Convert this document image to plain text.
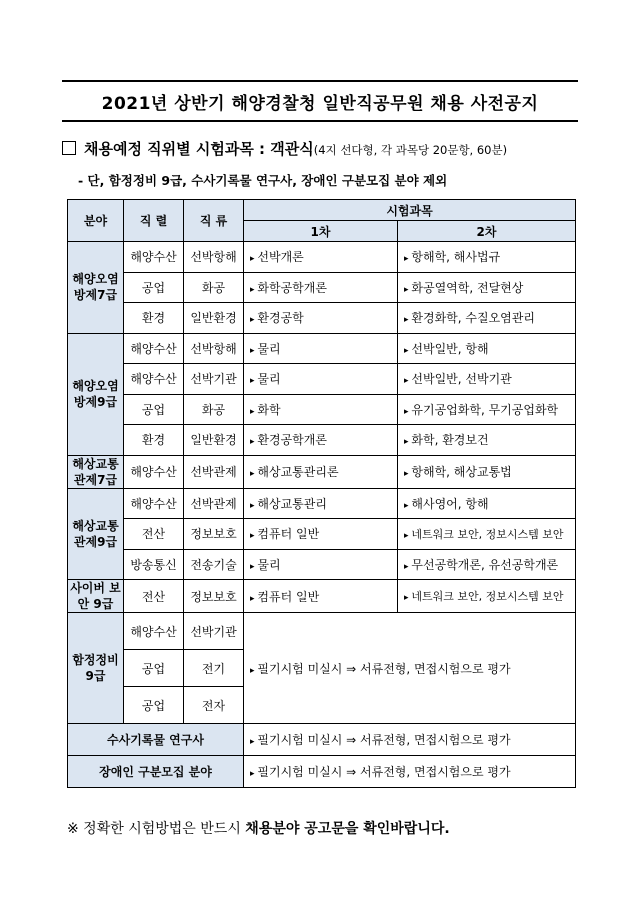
2021년 상반기 해양경찰청 일반직공무원 채용 사전공지
채용예정 직위별 시험과목 : 객관식(4지 선다형, 각 과목당 20문항, 60분)
- 단, 함정정비 9급, 수사기록물 연구사, 장애인 구분모집 분야 제외
분야	직 렬	직 류	시험과목	
			1차	2차
해양오염 방제7급	해양수산	선박항해	▸ 선박개론	▸ 항해학, 해사법규
	공업	화공	▸ 화학공학개론	▸ 화공열역학, 전달현상
	환경	일반환경	▸ 환경공학	▸ 환경화학, 수질오염관리
해양오염 방제9급	해양수산	선박항해	▸ 물리	▸ 선박일반, 항해
	해양수산	선박기관	▸ 물리	▸ 선박일반, 선박기관
	공업	화공	▸ 화학	▸ 유기공업화학, 무기공업화학
	환경	일반환경	▸ 환경공학개론	▸ 화학, 환경보건
해상교통 관제7급	해양수산	선박관제	▸ 해상교통관리론	▸ 항해학, 해상교통법
해상교통 관제9급	해양수산	선박관제	▸ 해상교통관리	▸ 해사영어, 항해
	전산	정보보호	▸ 컴퓨터 일반	▸ 네트워크 보안, 정보시스템 보안
	방송통신	전송기술	▸ 물리	▸ 무선공학개론, 유선공학개론
사이버 보안 9급	전산	정보보호	▸ 컴퓨터 일반	▸ 네트워크 보안, 정보시스템 보안
함정정비 9급	해양수산	선박기관	▸ 필기시험 미실시 ⇒ 서류전형, 면접시험으로 평가
	공업	전기		
	공업	전자		
수사기록물 연구사			▸ 필기시험 미실시 ⇒ 서류전형, 면접시험으로 평가
장애인 구분모집 분야			▸ 필기시험 미실시 ⇒ 서류전형, 면접시험으로 평가
※ 정확한 시험방법은 반드시 채용분야 공고문을 확인바랍니다.
